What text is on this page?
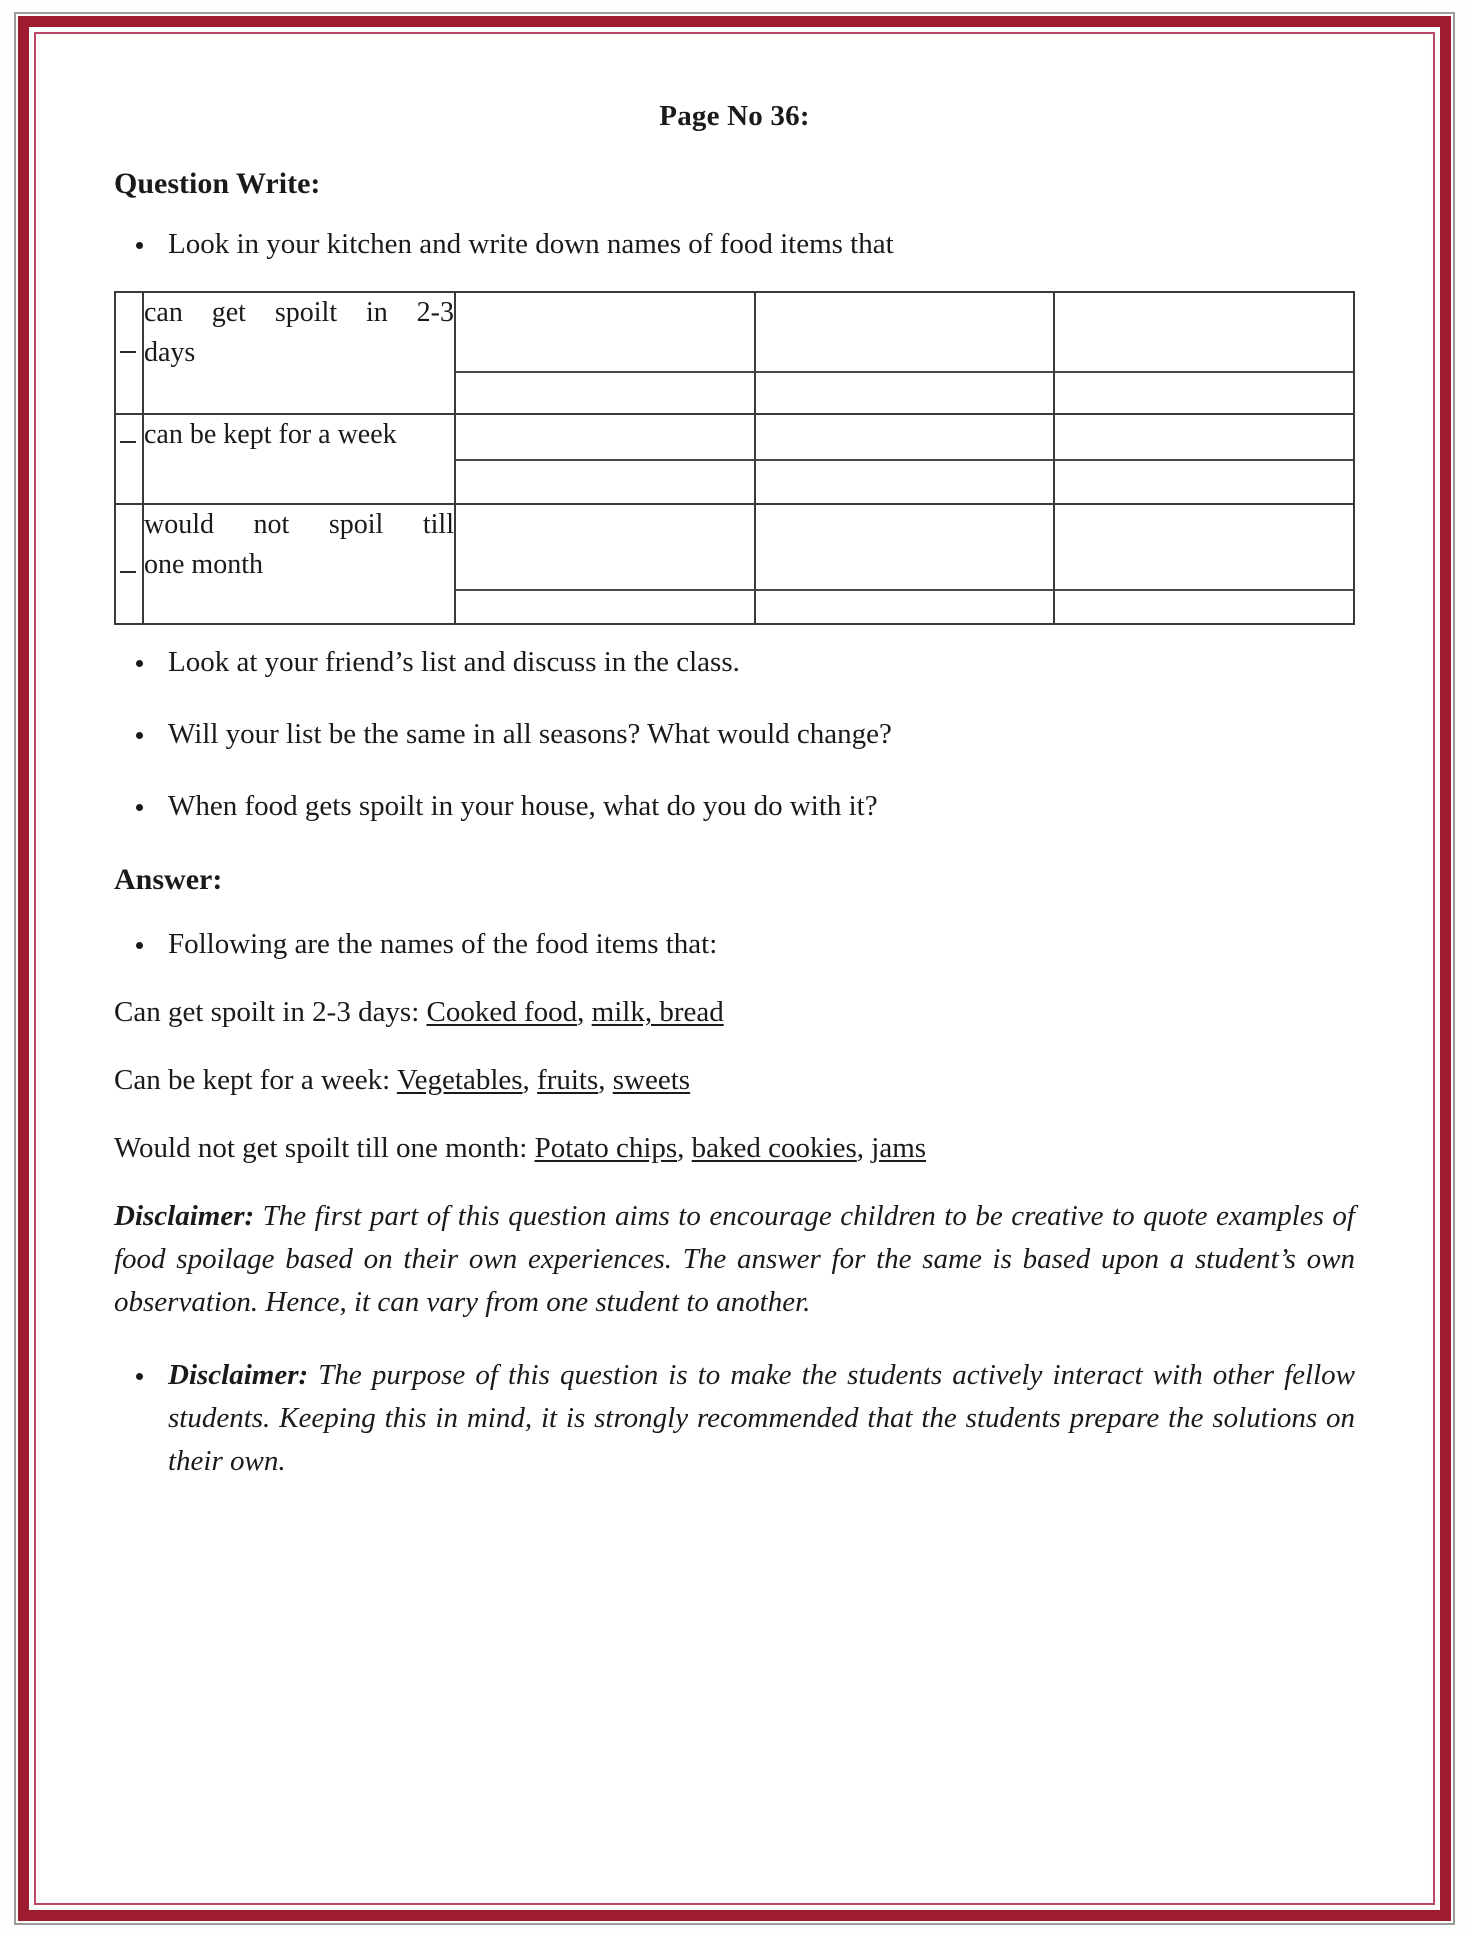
Page No 36:
Question Write:
Look in your kitchen and write down names of food items that

	can get spoilt in 2-3
days			

	can be kept for a week			

	would not spoil till
one month			

Look at your friend’s list and discuss in the class.
Will your list be the same in all seasons? What would change?
When food gets spoilt in your house, what do you do with it?
Answer:
Following are the names of the food items that:

Can get spoilt in 2-3 days: Cooked food, milk, bread

Can be kept for a week: Vegetables, fruits, sweets

Would not get spoilt till one month: Potato chips, baked cookies, jams

Disclaimer: The first part of this question aims to encourage children to be creative to quote examples of food spoilage based on their own experiences. The answer for the same is based upon a student’s own observation. Hence, it can vary from one student to another.

Disclaimer: The purpose of this question is to make the students actively interact with other fellow students. Keeping this in mind, it is strongly recommended that the students prepare the solutions on their own.
